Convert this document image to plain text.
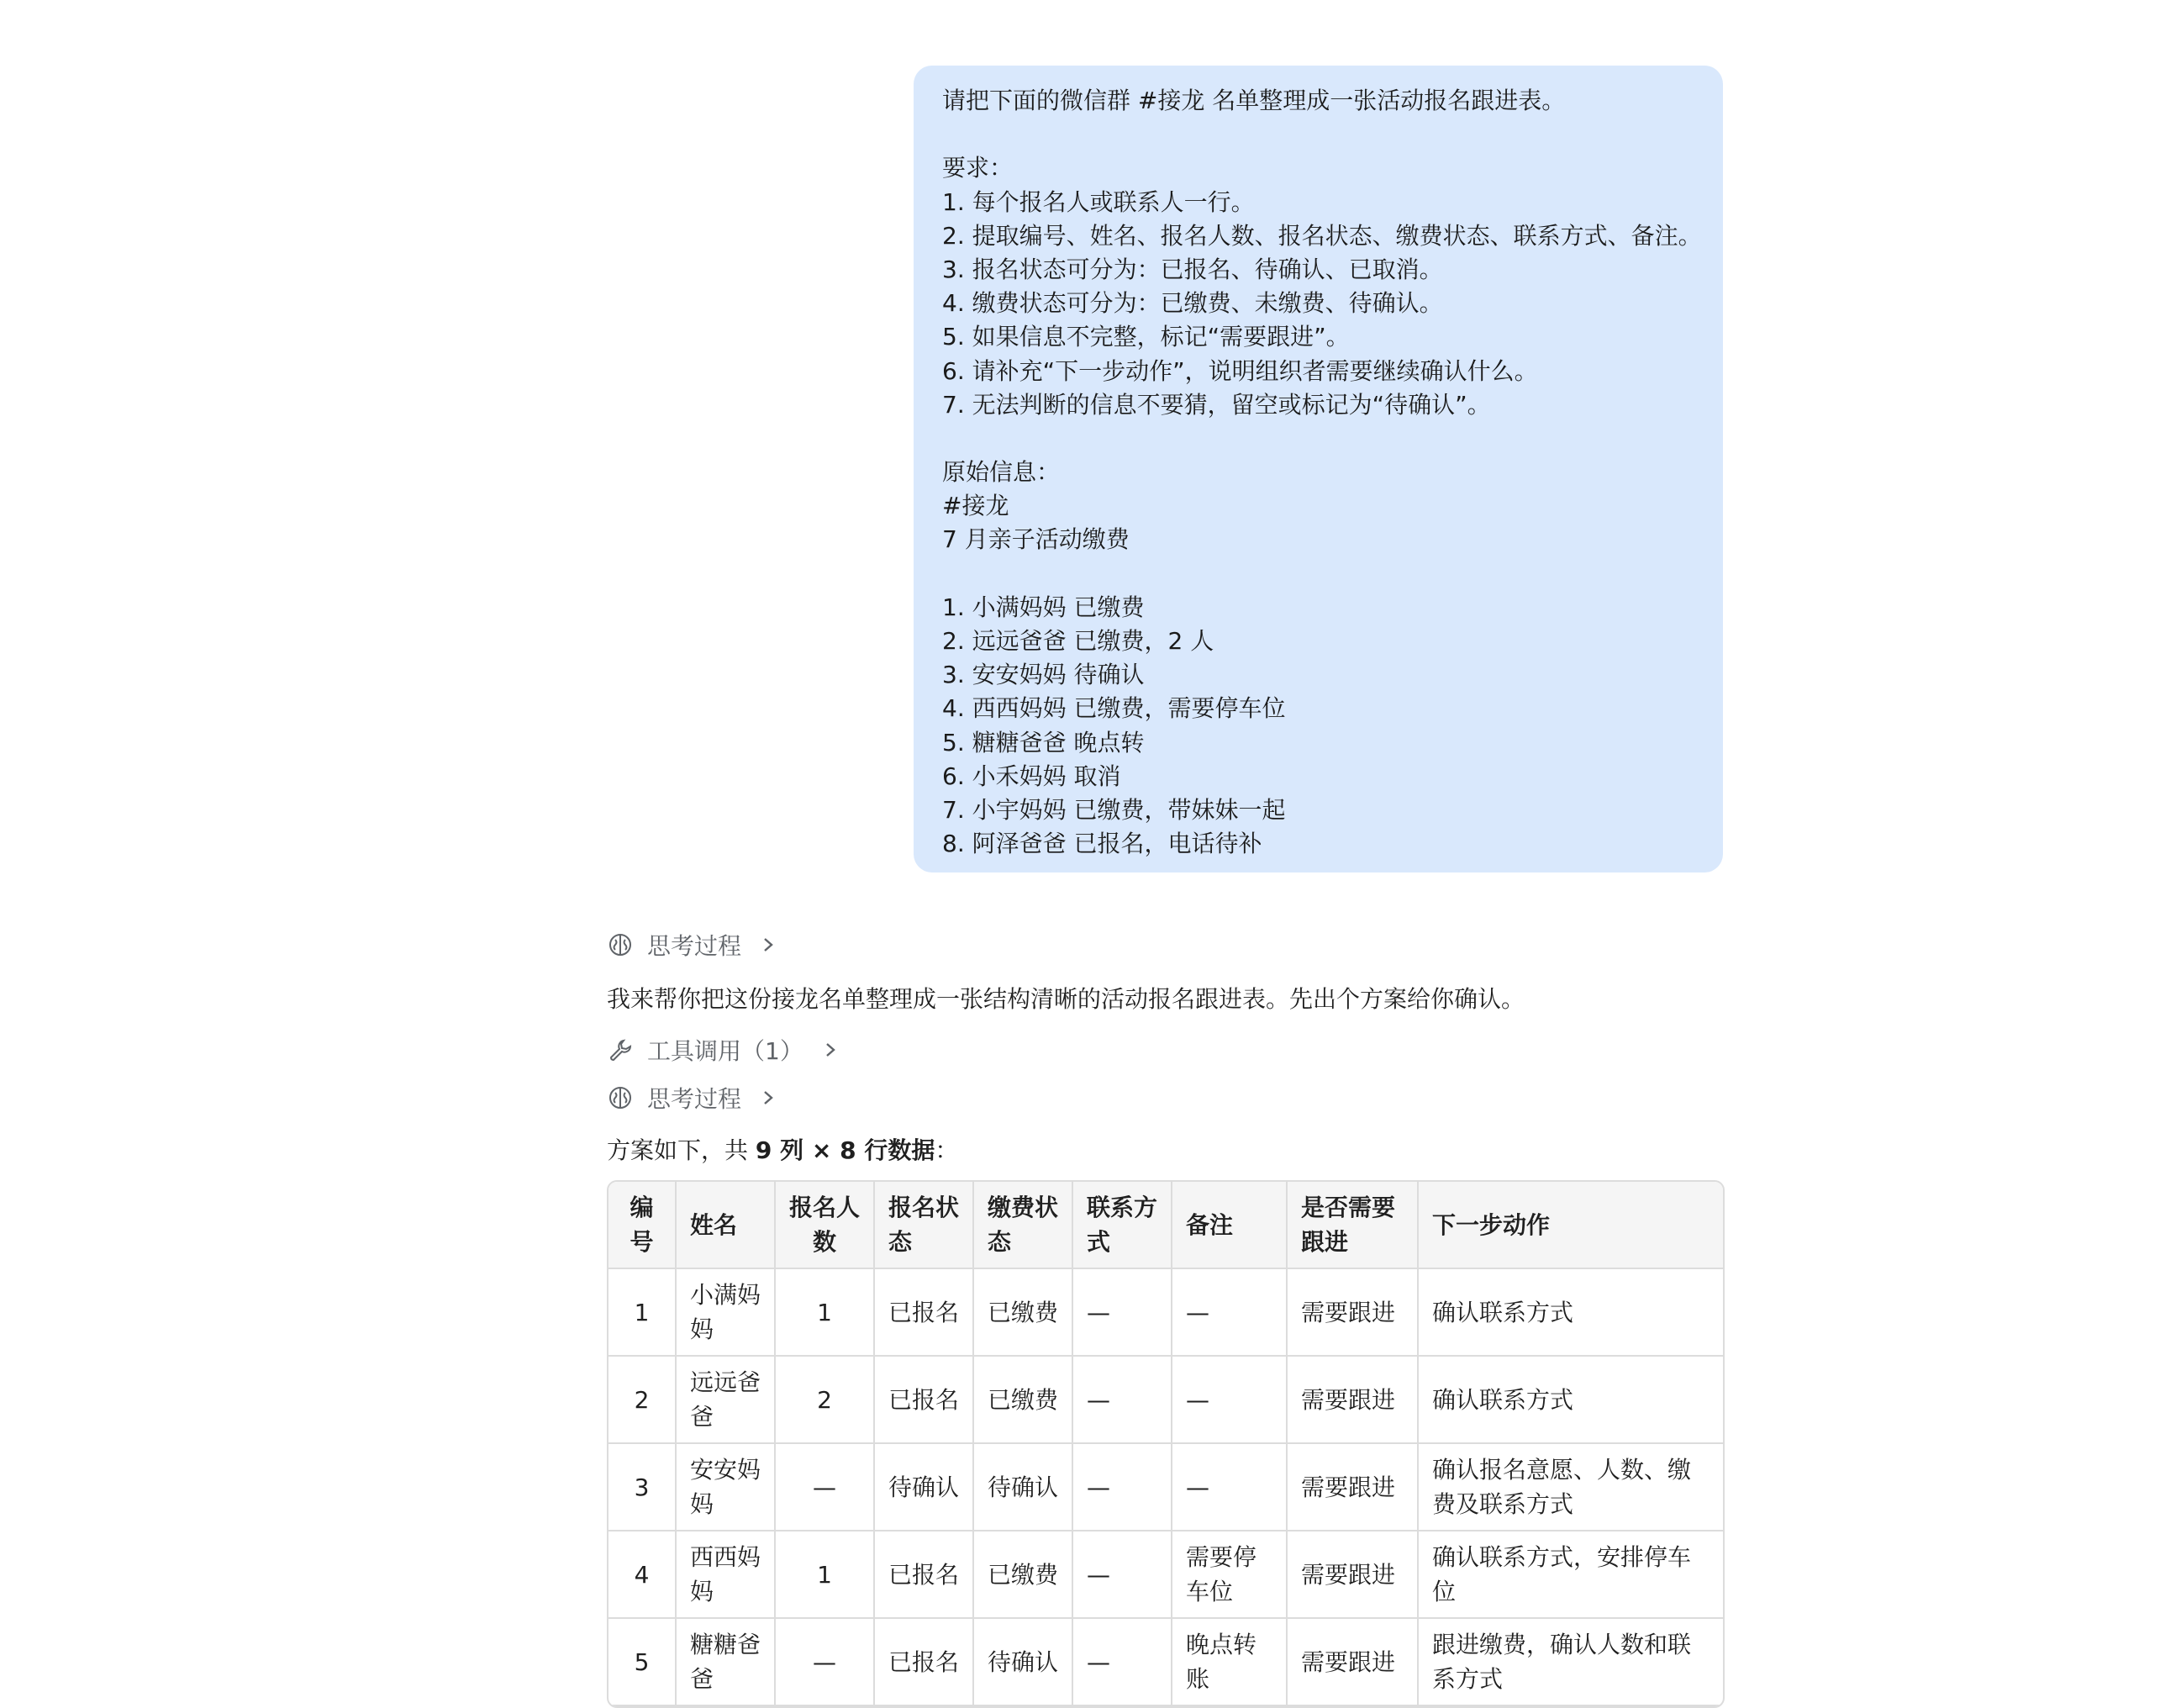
请把下面的微信群 #接龙 名单整理成一张活动报名跟进表。
要求：
1. 每个报名人或联系人一行。
2. 提取编号、姓名、报名人数、报名状态、缴费状态、联系方式、备注。
3. 报名状态可分为：已报名、待确认、已取消。
4. 缴费状态可分为：已缴费、未缴费、待确认。
5. 如果信息不完整，标记“需要跟进”。
6. 请补充“下一步动作”，说明组织者需要继续确认什么。
7. 无法判断的信息不要猜，留空或标记为“待确认”。
原始信息：
#接龙
7 月亲子活动缴费
1. 小满妈妈 已缴费
2. 远远爸爸 已缴费，2 人
3. 安安妈妈 待确认
4. 西西妈妈 已缴费，需要停车位
5. 糖糖爸爸 晚点转
6. 小禾妈妈 取消
7. 小宇妈妈 已缴费，带妹妹一起
8. 阿泽爸爸 已报名，电话待补
思考过程
我来帮你把这份接龙名单整理成一张结构清晰的活动报名跟进表。先出个方案给你确认。
工具调用（1）
思考过程
方案如下，共 9 列 × 8 行数据：
编号	姓名	报名人数	报名状态	缴费状态	联系方式	备注	是否需要跟进	下一步动作
1	小满妈妈	1	已报名	已缴费	—	—	需要跟进	确认联系方式
2	远远爸爸	2	已报名	已缴费	—	—	需要跟进	确认联系方式
3	安安妈妈	—	待确认	待确认	—	—	需要跟进	确认报名意愿、人数、缴费及联系方式
4	西西妈妈	1	已报名	已缴费	—	需要停车位	需要跟进	确认联系方式，安排停车位
5	糖糖爸爸	—	已报名	待确认	—	晚点转账	需要跟进	跟进缴费，确认人数和联系方式
